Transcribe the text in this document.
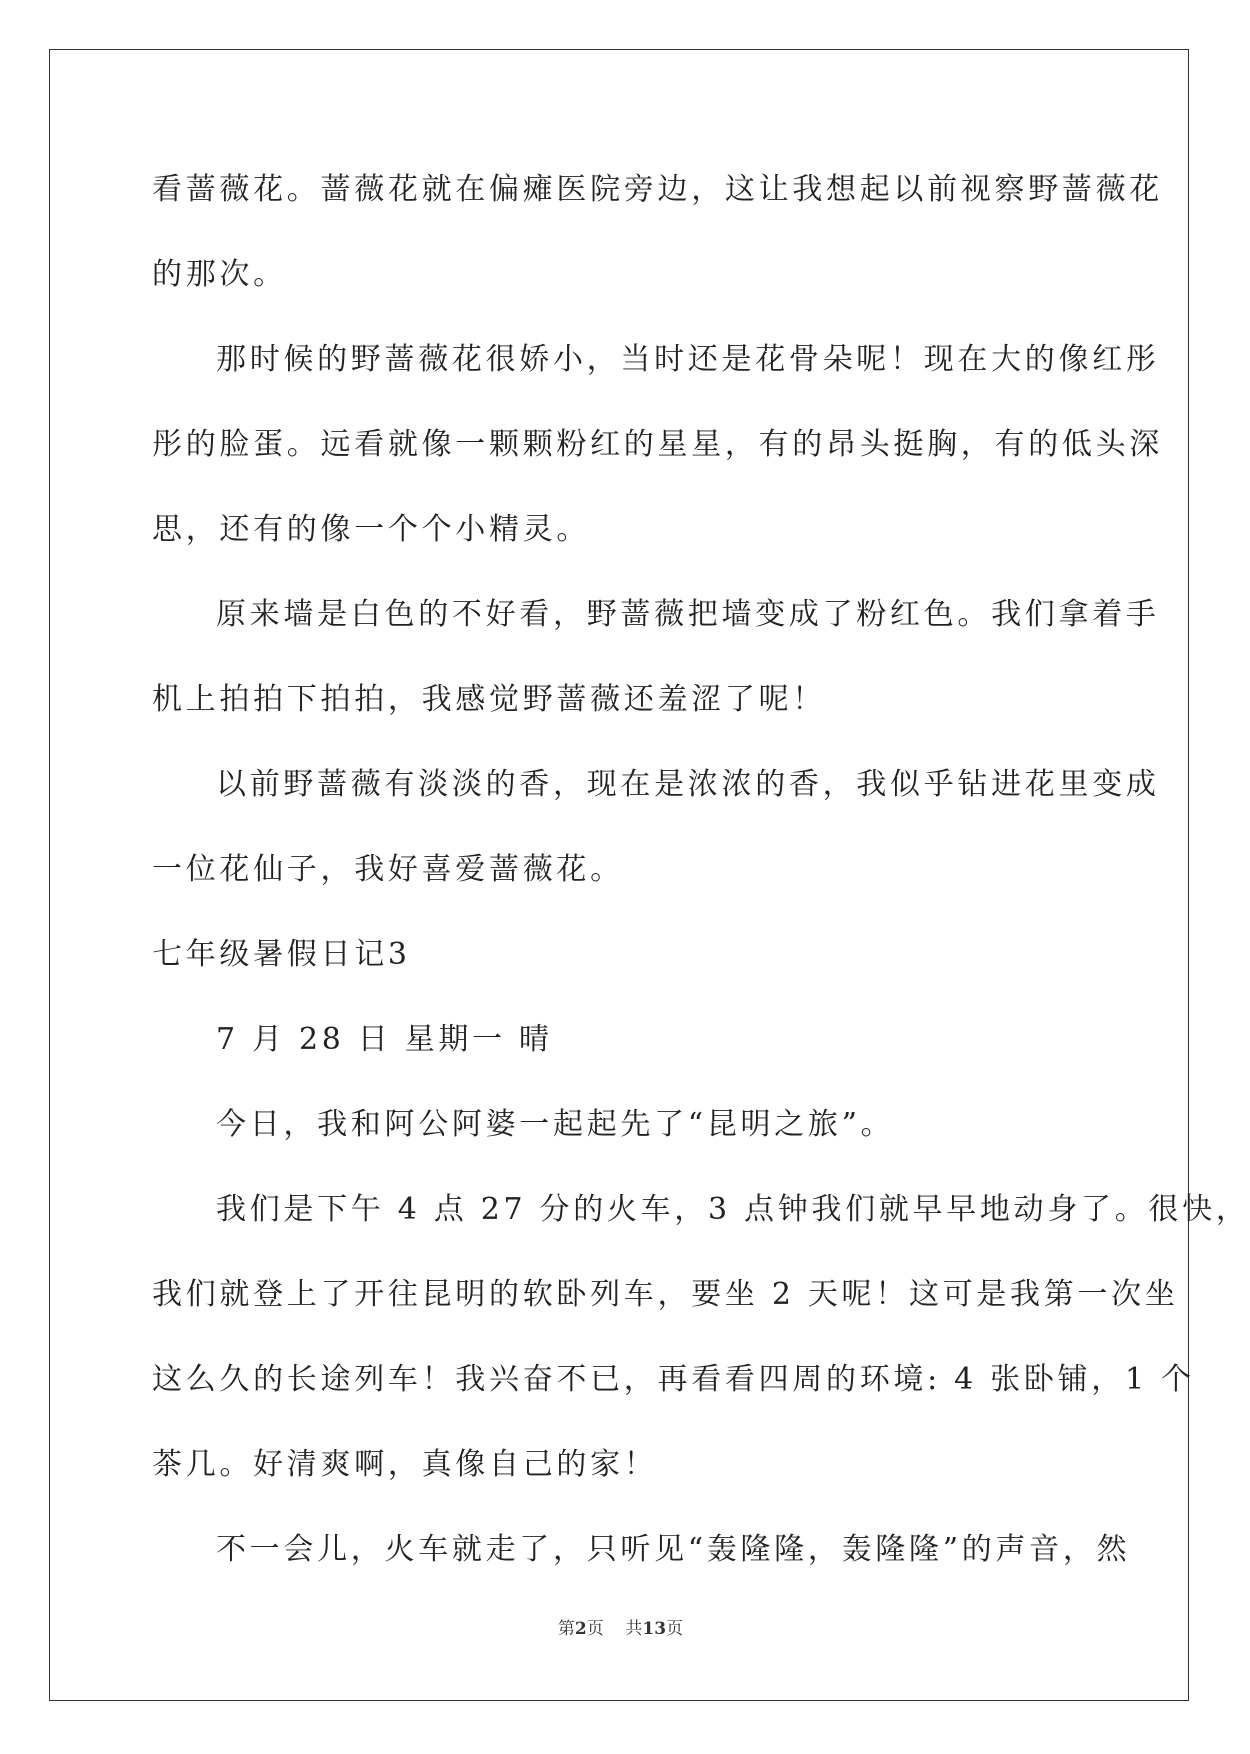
看蔷薇花。蔷薇花就在偏瘫医院旁边，这让我想起以前视察野蔷薇花
的那次。
那时候的野蔷薇花很娇小，当时还是花骨朵呢！现在大的像红彤
彤的脸蛋。远看就像一颗颗粉红的星星，有的昂头挺胸，有的低头深
思，还有的像一个个小精灵。
原来墙是白色的不好看，野蔷薇把墙变成了粉红色。我们拿着手
机上拍拍下拍拍，我感觉野蔷薇还羞涩了呢！
以前野蔷薇有淡淡的香，现在是浓浓的香，我似乎钻进花里变成
一位花仙子，我好喜爱蔷薇花。
七年级暑假日记3
7 月 28 日 星期一 晴
今日，我和阿公阿婆一起起先了“昆明之旅”。
我们是下午 4 点 27 分的火车，3 点钟我们就早早地动身了。很快，
我们就登上了开往昆明的软卧列车，要坐 2 天呢！这可是我第一次坐
这么久的长途列车！我兴奋不已，再看看四周的环境: 4 张卧铺，1 个
茶几。好清爽啊，真像自己的家！
不一会儿，火车就走了，只听见“轰隆隆，轰隆隆”的声音，然
第2页    共13页
